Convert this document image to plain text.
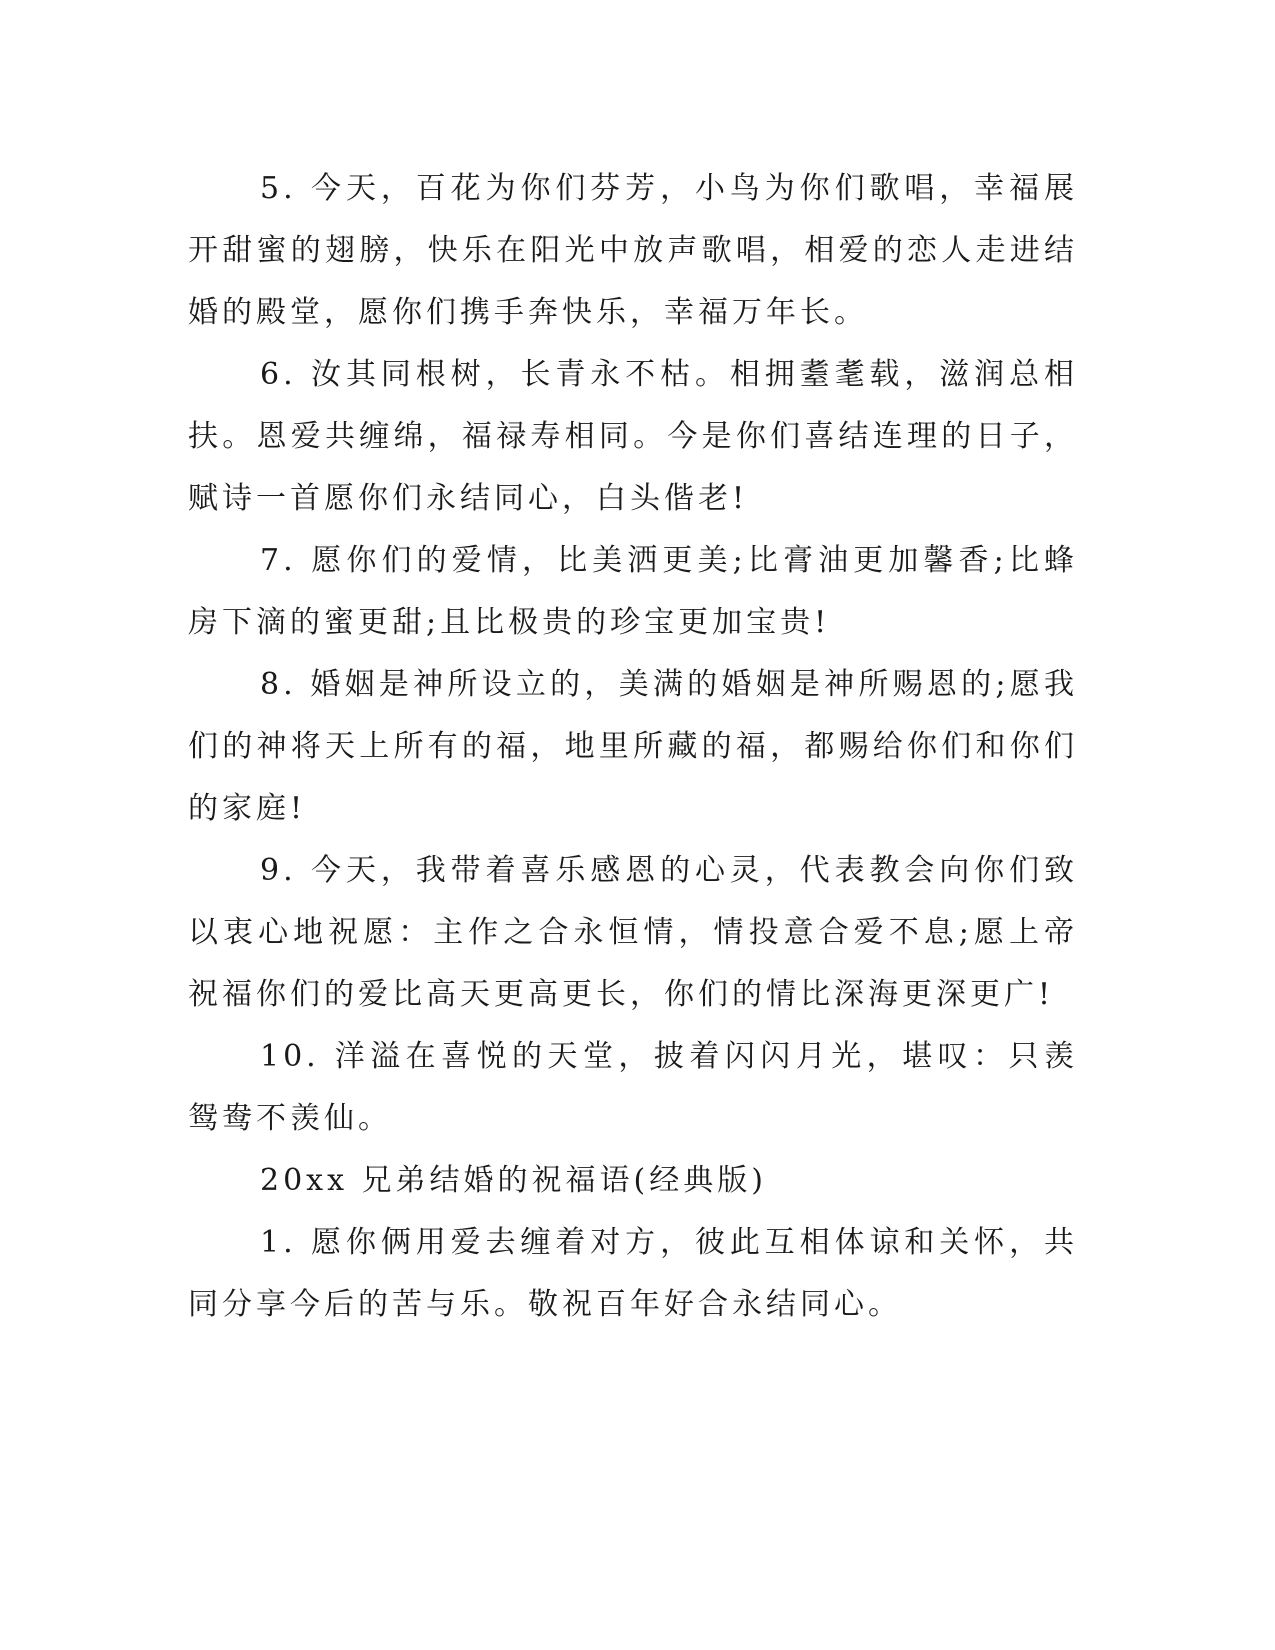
5. 今天，百花为你们芬芳，小鸟为你们歌唱，幸福展开甜蜜的翅膀，快乐在阳光中放声歌唱，相爱的恋人走进结婚的殿堂，愿你们携手奔快乐，幸福万年长。

6. 汝其同根树，长青永不枯。相拥耋耄载，滋润总相扶。恩爱共缠绵，福禄寿相同。今是你们喜结连理的日子，赋诗一首愿你们永结同心，白头偕老!

7. 愿你们的爱情，比美洒更美;比膏油更加馨香;比蜂房下滴的蜜更甜;且比极贵的珍宝更加宝贵!

8. 婚姻是神所设立的，美满的婚姻是神所赐恩的;愿我们的神将天上所有的福，地里所藏的福，都赐给你们和你们的家庭!

9. 今天，我带着喜乐感恩的心灵，代表教会向你们致以衷心地祝愿：主作之合永恒情，情投意合爱不息;愿上帝祝福你们的爱比高天更高更长，你们的情比深海更深更广!

10. 洋溢在喜悦的天堂，披着闪闪月光，堪叹：只羡鸳鸯不羡仙。

20xx 兄弟结婚的祝福语(经典版)

1. 愿你俩用爱去缠着对方，彼此互相体谅和关怀，共同分享今后的苦与乐。敬祝百年好合永结同心。
